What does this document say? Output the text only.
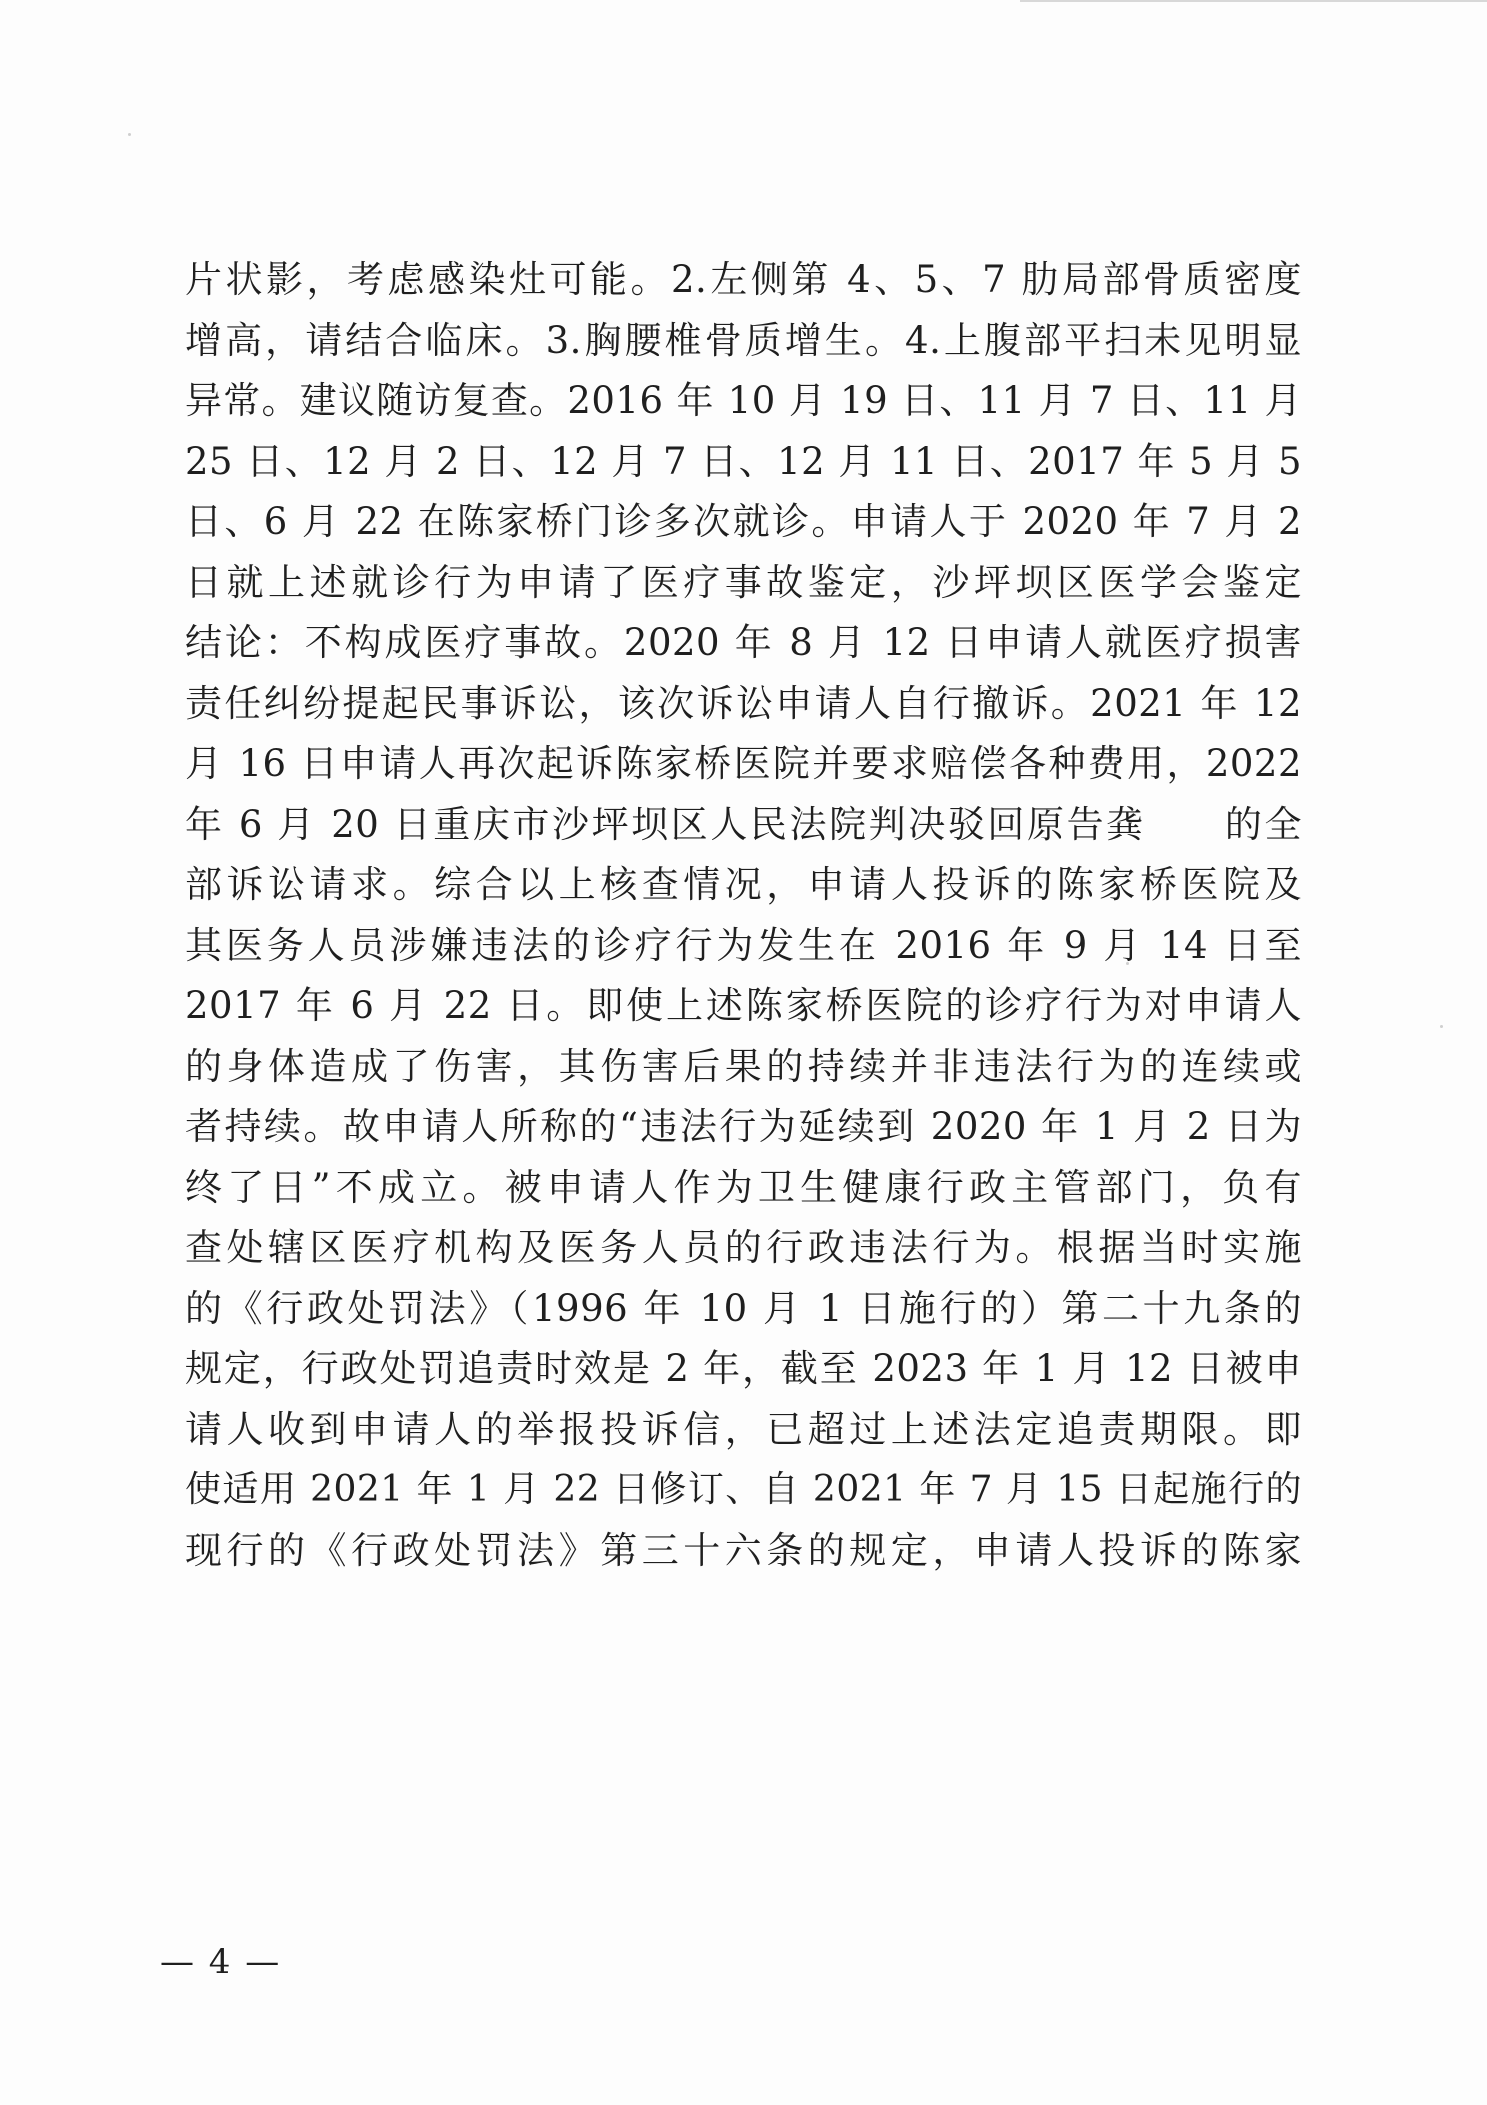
片状影，考虑感染灶可能。2.左侧第 4、5、7 肋局部骨质密度
增高，请结合临床。3.胸腰椎骨质增生。4.上腹部平扫未见明显
异常。建议随访复查。2016 年 10 月 19 日、11 月 7 日、11 月
25 日、12 月 2 日、12 月 7 日、12 月 11 日、2017 年 5 月 5
日、6 月 22 在陈家桥门诊多次就诊。申请人于 2020 年 7 月 2
日就上述就诊行为申请了医疗事故鉴定，沙坪坝区医学会鉴定
结论：不构成医疗事故。2020 年 8 月 12 日申请人就医疗损害
责任纠纷提起民事诉讼，该次诉讼申请人自行撤诉。2021 年 12
月 16 日申请人再次起诉陈家桥医院并要求赔偿各种费用，2022
年 6 月 20 日重庆市沙坪坝区人民法院判决驳回原告龚　　的全
部诉讼请求。综合以上核查情况，申请人投诉的陈家桥医院及
其医务人员涉嫌违法的诊疗行为发生在 2016 年 9 月 14 日至
2017 年 6 月 22 日。即使上述陈家桥医院的诊疗行为对申请人
的身体造成了伤害，其伤害后果的持续并非违法行为的连续或
者持续。故申请人所称的“违法行为延续到 2020 年 1 月 2 日为
终了日”不成立。被申请人作为卫生健康行政主管部门，负有
查处辖区医疗机构及医务人员的行政违法行为。根据当时实施
的《行政处罚法》（1996 年 10 月 1 日施行的）第二十九条的
规定，行政处罚追责时效是 2 年，截至 2023 年 1 月 12 日被申
请人收到申请人的举报投诉信，已超过上述法定追责期限。即
使适用 2021 年 1 月 22 日修订、自 2021 年 7 月 15 日起施行的
现行的《行政处罚法》第三十六条的规定，申请人投诉的陈家
— 4 —
